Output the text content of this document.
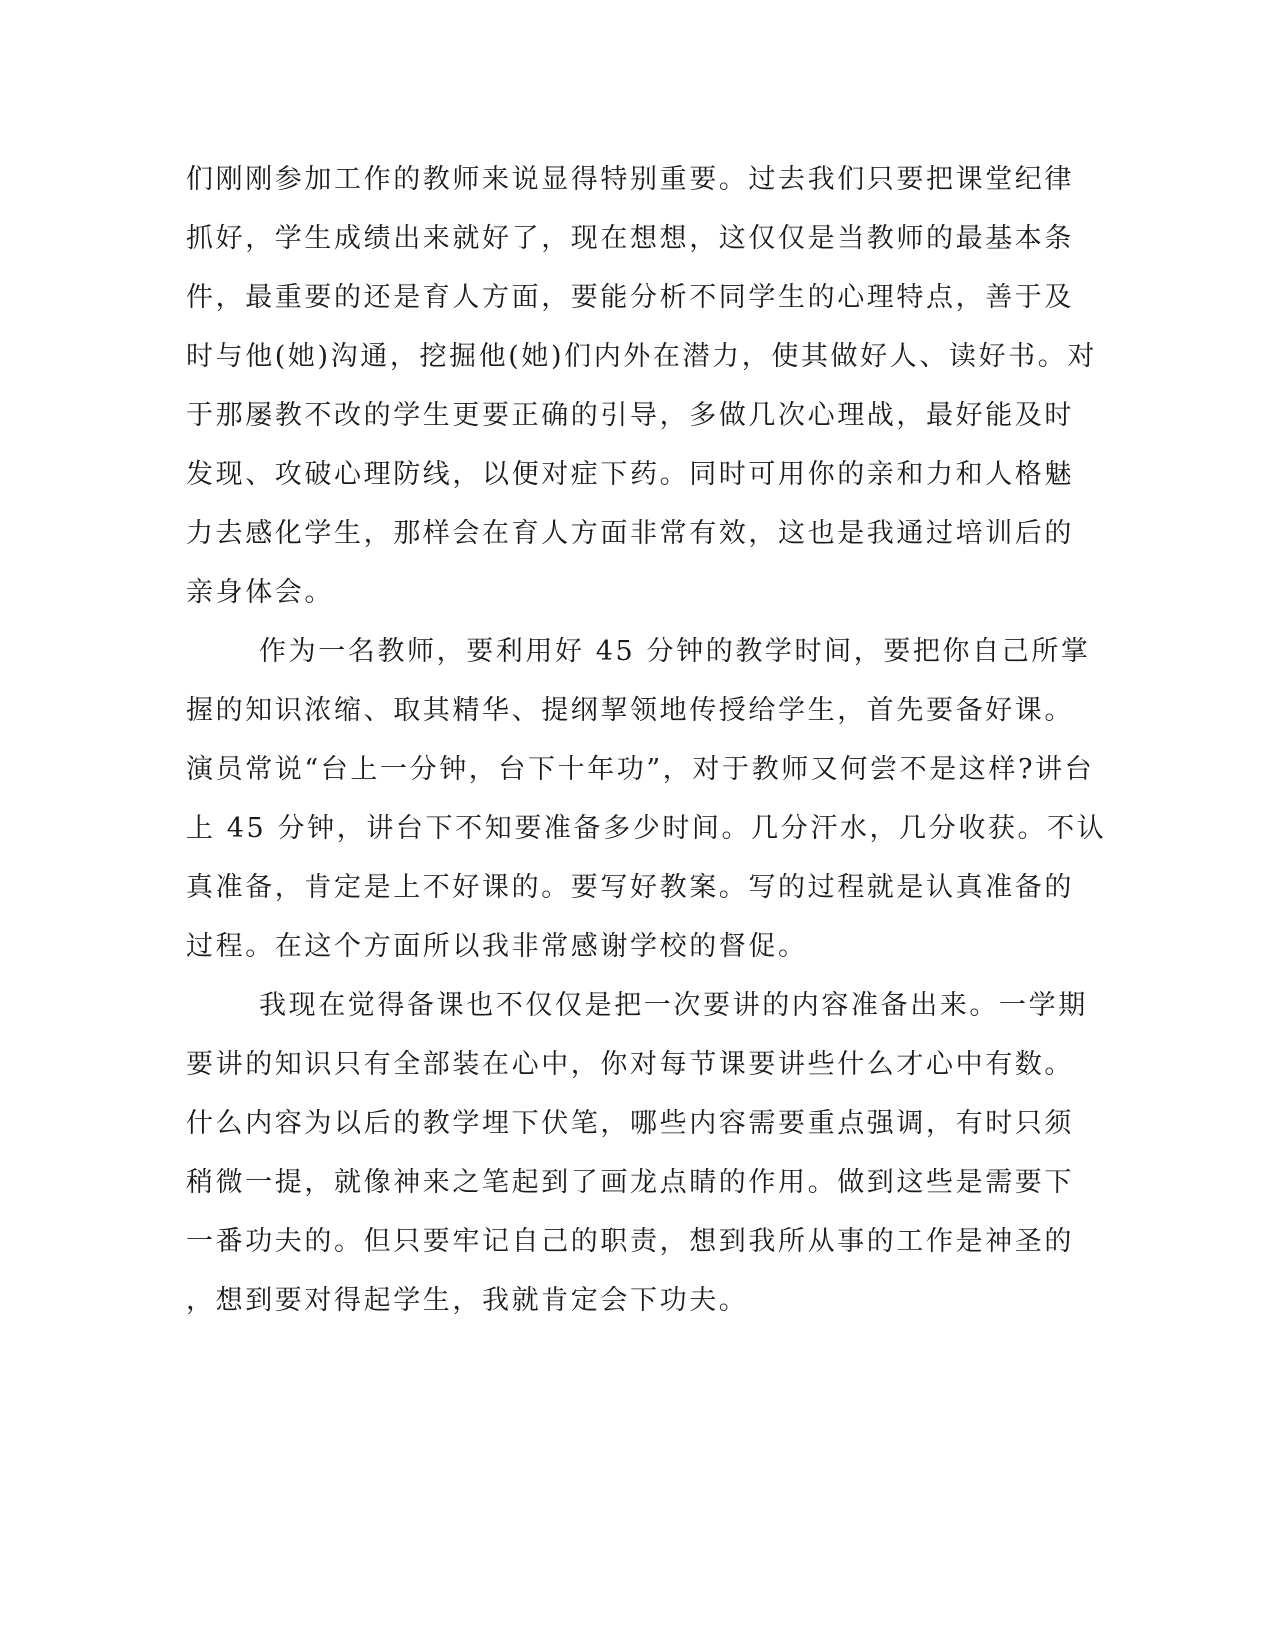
们刚刚参加工作的教师来说显得特别重要。过去我们只要把课堂纪律
抓好，学生成绩出来就好了，现在想想，这仅仅是当教师的最基本条
件，最重要的还是育人方面，要能分析不同学生的心理特点，善于及
时与他(她)沟通，挖掘他(她)们内外在潜力，使其做好人、读好书。对
于那屡教不改的学生更要正确的引导，多做几次心理战，最好能及时
发现、攻破心理防线，以便对症下药。同时可用你的亲和力和人格魅
力去感化学生，那样会在育人方面非常有效，这也是我通过培训后的
亲身体会。
作为一名教师，要利用好 45 分钟的教学时间，要把你自己所掌
握的知识浓缩、取其精华、提纲挈领地传授给学生，首先要备好课。
演员常说“台上一分钟，台下十年功”，对于教师又何尝不是这样?讲台
上 45 分钟，讲台下不知要准备多少时间。几分汗水，几分收获。不认
真准备，肯定是上不好课的。要写好教案。写的过程就是认真准备的
过程。在这个方面所以我非常感谢学校的督促。
我现在觉得备课也不仅仅是把一次要讲的内容准备出来。一学期
要讲的知识只有全部装在心中，你对每节课要讲些什么才心中有数。
什么内容为以后的教学埋下伏笔，哪些内容需要重点强调，有时只须
稍微一提，就像神来之笔起到了画龙点睛的作用。做到这些是需要下
一番功夫的。但只要牢记自己的职责，想到我所从事的工作是神圣的
，想到要对得起学生，我就肯定会下功夫。
